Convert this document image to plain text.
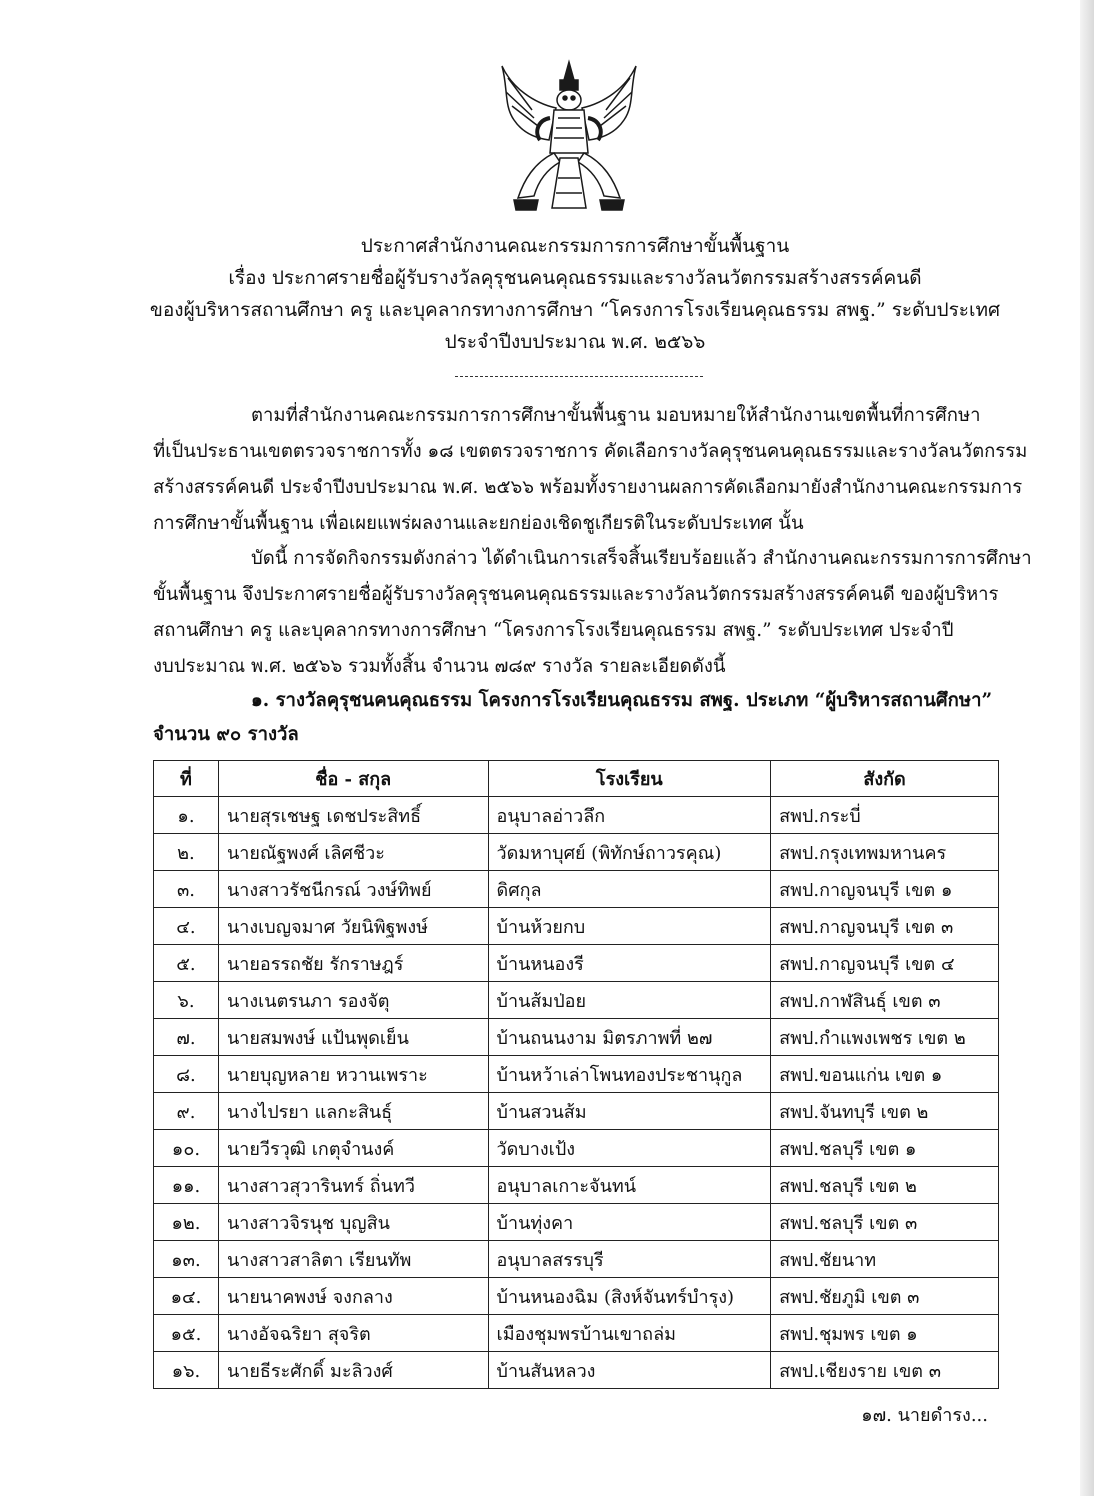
ประกาศสำนักงานคณะกรรมการการศึกษาขั้นพื้นฐาน
เรื่อง ประกาศรายชื่อผู้รับรางวัลคุรุชนคนคุณธรรมและรางวัลนวัตกรรมสร้างสรรค์คนดี
ของผู้บริหารสถานศึกษา ครู และบุคลากรทางการศึกษา “โครงการโรงเรียนคุณธรรม สพฐ.” ระดับประเทศ
ประจำปีงบประมาณ พ.ศ. ๒๕๖๖
ตามที่สำนักงานคณะกรรมการการศึกษาขั้นพื้นฐาน มอบหมายให้สำนักงานเขตพื้นที่การศึกษา
ที่เป็นประธานเขตตรวจราชการทั้ง ๑๘ เขตตรวจราชการ คัดเลือกรางวัลคุรุชนคนคุณธรรมและรางวัลนวัตกรรม
สร้างสรรค์คนดี ประจำปีงบประมาณ พ.ศ. ๒๕๖๖ พร้อมทั้งรายงานผลการคัดเลือกมายังสำนักงานคณะกรรมการ
การศึกษาขั้นพื้นฐาน เพื่อเผยแพร่ผลงานและยกย่องเชิดชูเกียรติในระดับประเทศ นั้น
บัดนี้ การจัดกิจกรรมดังกล่าว ได้ดำเนินการเสร็จสิ้นเรียบร้อยแล้ว สำนักงานคณะกรรมการการศึกษา
ขั้นพื้นฐาน จึงประกาศรายชื่อผู้รับรางวัลคุรุชนคนคุณธรรมและรางวัลนวัตกรรมสร้างสรรค์คนดี ของผู้บริหาร
สถานศึกษา ครู และบุคลากรทางการศึกษา “โครงการโรงเรียนคุณธรรม สพฐ.” ระดับประเทศ ประจำปี
งบประมาณ พ.ศ. ๒๕๖๖ รวมทั้งสิ้น จำนวน ๗๘๙ รางวัล รายละเอียดดังนี้
๑. รางวัลคุรุชนคนคุณธรรม โครงการโรงเรียนคุณธรรม สพฐ. ประเภท “ผู้บริหารสถานศึกษา”
จำนวน ๙๐ รางวัล
ที่	ชื่อ - สกุล	โรงเรียน	สังกัด
๑.	นายสุรเชษฐ เดชประสิทธิ์	อนุบาลอ่าวลึก	สพป.กระบี่
๒.	นายณัฐพงศ์ เลิศชีวะ	วัดมหาบุศย์ (พิทักษ์ถาวรคุณ)	สพป.กรุงเทพมหานคร
๓.	นางสาวรัชนีกรณ์ วงษ์ทิพย์	ดิศกุล	สพป.กาญจนบุรี เขต ๑
๔.	นางเบญจมาศ วัยนิพิฐพงษ์	บ้านห้วยกบ	สพป.กาญจนบุรี เขต ๓
๕.	นายอรรถชัย รักราษฎร์	บ้านหนองรี	สพป.กาญจนบุรี เขต ๔
๖.	นางเนตรนภา รองจัตุ	บ้านส้มป่อย	สพป.กาฬสินธุ์ เขต ๓
๗.	นายสมพงษ์ แป้นพุดเย็น	บ้านถนนงาม มิตรภาพที่ ๒๗	สพป.กำแพงเพชร เขต ๒
๘.	นายบุญหลาย หวานเพราะ	บ้านหว้าเล่าโพนทองประชานุกูล	สพป.ขอนแก่น เขต ๑
๙.	นางไปรยา แลกะสินธุ์	บ้านสวนส้ม	สพป.จันทบุรี เขต ๒
๑๐.	นายวีรวุฒิ เกตุจำนงค์	วัดบางเป้ง	สพป.ชลบุรี เขต ๑
๑๑.	นางสาวสุวารินทร์ ถิ่นทวี	อนุบาลเกาะจันทน์	สพป.ชลบุรี เขต ๒
๑๒.	นางสาวจิรนุช บุญสิน	บ้านทุ่งคา	สพป.ชลบุรี เขต ๓
๑๓.	นางสาวสาลิตา เรียนทัพ	อนุบาลสรรบุรี	สพป.ชัยนาท
๑๔.	นายนาคพงษ์ จงกลาง	บ้านหนองฉิม (สิงห์จันทร์บำรุง)	สพป.ชัยภูมิ เขต ๓
๑๕.	นางอัจฉริยา สุจริต	เมืองชุมพรบ้านเขาถล่ม	สพป.ชุมพร เขต ๑
๑๖.	นายธีระศักดิ์ มะลิวงศ์	บ้านสันหลวง	สพป.เชียงราย เขต ๓
๑๗. นายดำรง...
